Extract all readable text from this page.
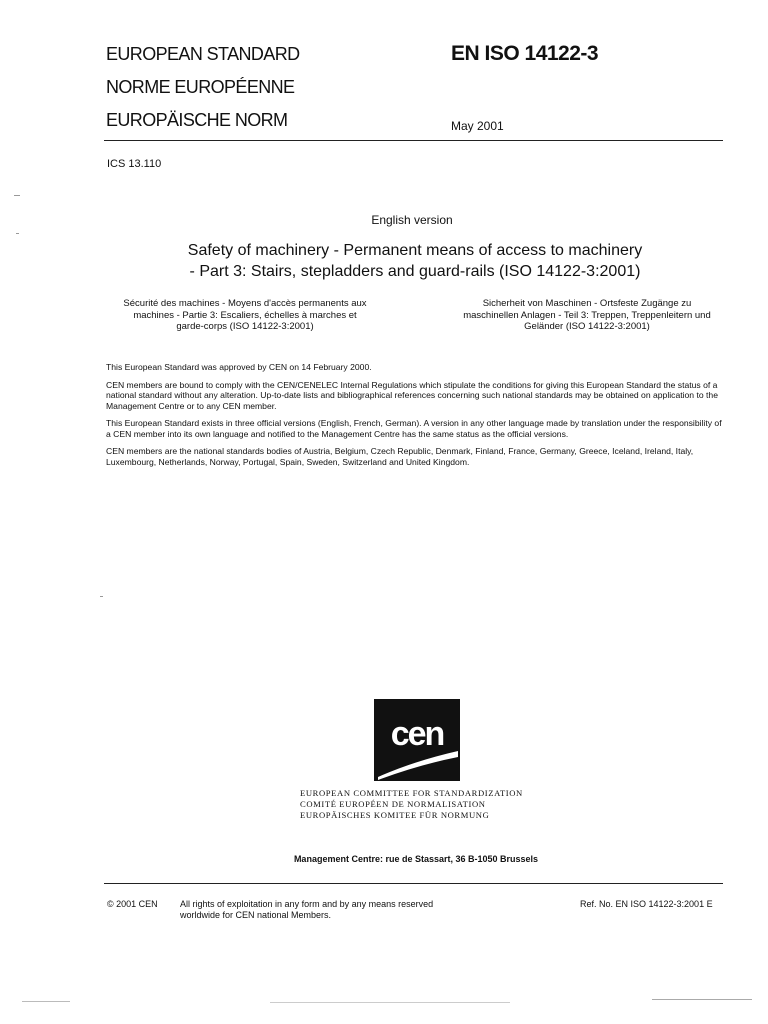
EUROPEAN STANDARD
NORME EUROPÉENNE
EUROPÄISCHE NORM
EN ISO 14122-3
May 2001
ICS 13.110
English version
Safety of machinery - Permanent means of access to machinery
- Part 3: Stairs, stepladders and guard-rails (ISO 14122-3:2001)
Sécurité des machines - Moyens d'accès permanents aux
machines - Partie 3: Escaliers, échelles à marches et
garde-corps (ISO 14122-3:2001)
Sicherheit von Maschinen - Ortsfeste Zugänge zu
maschinellen Anlagen - Teil 3: Treppen, Treppenleitern und
Geländer (ISO 14122-3:2001)

This European Standard was approved by CEN on 14 February 2000.

CEN members are bound to comply with the CEN/CENELEC Internal Regulations which stipulate the conditions for giving this European Standard the status of a national standard without any alteration. Up-to-date lists and bibliographical references concerning such national standards may be obtained on application to the Management Centre or to any CEN member.

This European Standard exists in three official versions (English, French, German). A version in any other language made by translation under the responsibility of a CEN member into its own language and notified to the Management Centre has the same status as the official versions.

CEN members are the national standards bodies of Austria, Belgium, Czech Republic, Denmark, Finland, France, Germany, Greece, Iceland, Ireland, Italy, Luxembourg, Netherlands, Norway, Portugal, Spain, Sweden, Switzerland and United Kingdom.

cen
EUROPEAN COMMITTEE FOR STANDARDIZATION
COMITÉ EUROPÉEN DE NORMALISATION
EUROPÄISCHES KOMITEE FÜR NORMUNG
Management Centre: rue de Stassart, 36 B-1050 Brussels
© 2001 CEN All rights of exploitation in any form and by any means reserved
worldwide for CEN national Members.
Ref. No. EN ISO 14122-3:2001 E
